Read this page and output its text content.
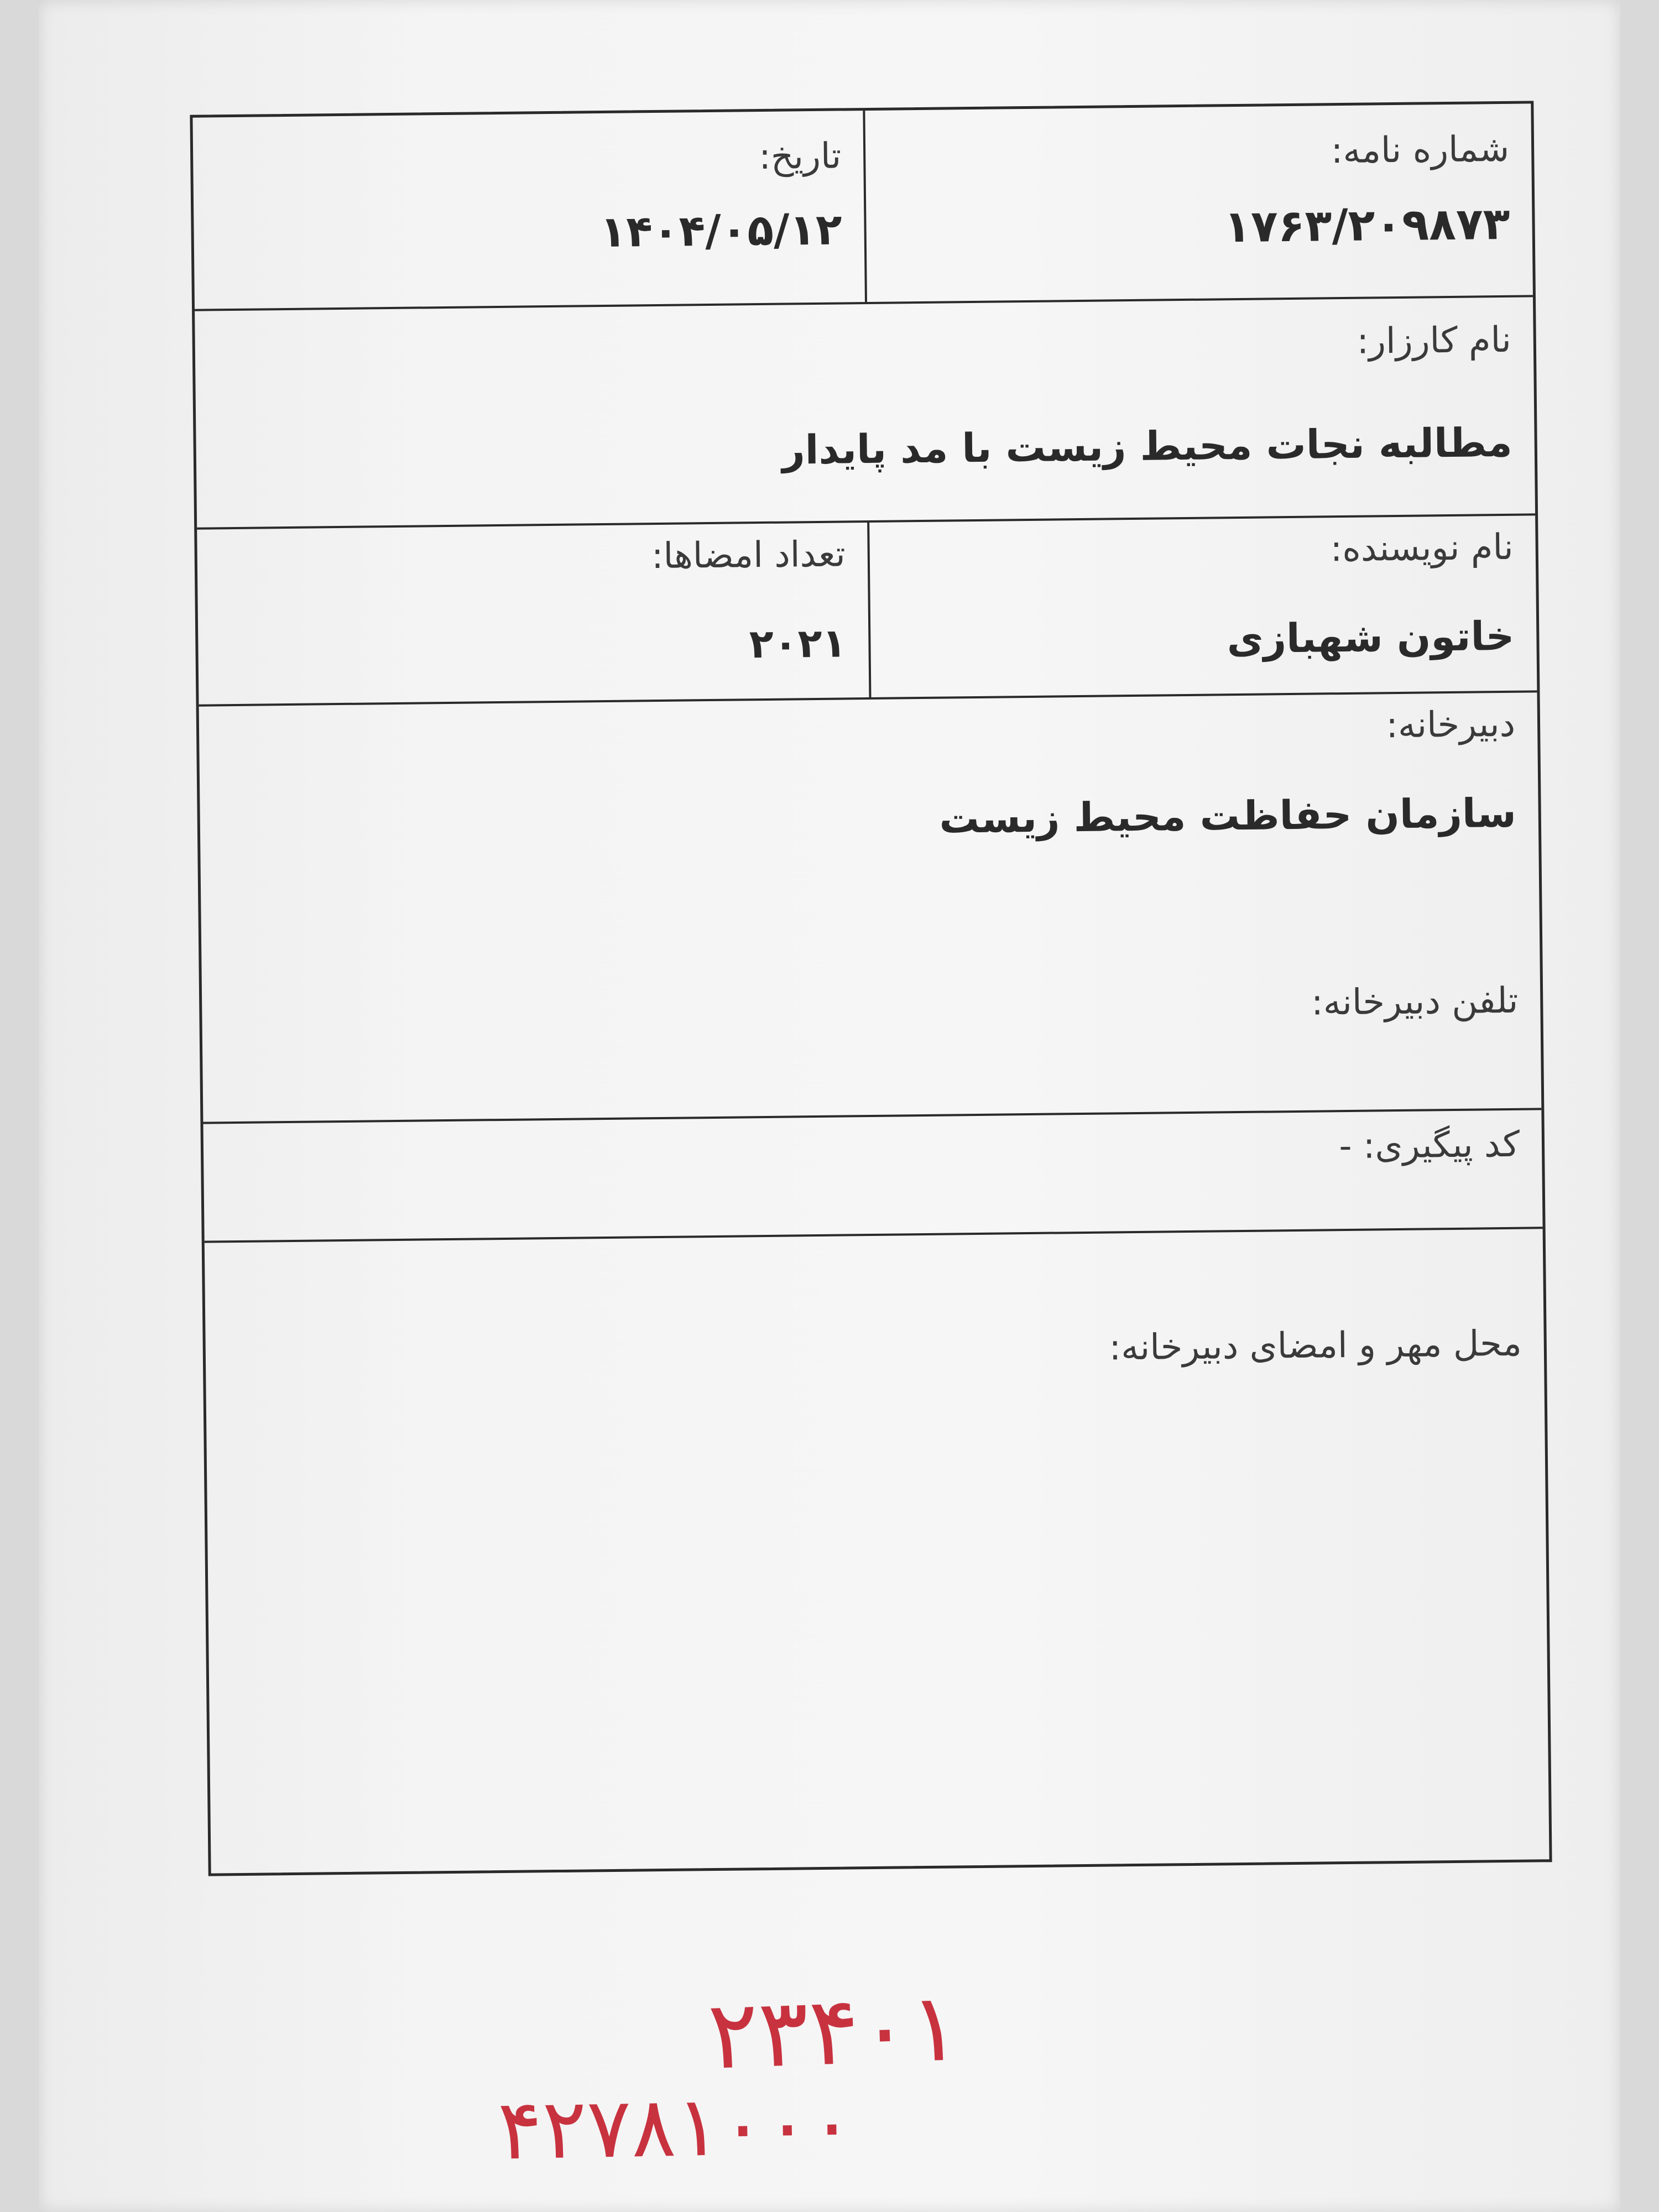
شماره نامه:
۱۷۶۳/۲۰۹۸۷۳
تاریخ:
۱۴۰۴/۰۵/۱۲
نام کارزار:
مطالبه نجات محیط زیست با مد پایدار
نام نویسنده:
خاتون شهبازی
تعداد امضاها:
۲۰۲۱
دبیرخانه:
سازمان حفاظت محیط زیست
تلفن دبیرخانه:
کد پیگیری: -
محل مهر و امضای دبیرخانه:
۲۳۴۰۱
۴۲۷۸۱۰۰۰
